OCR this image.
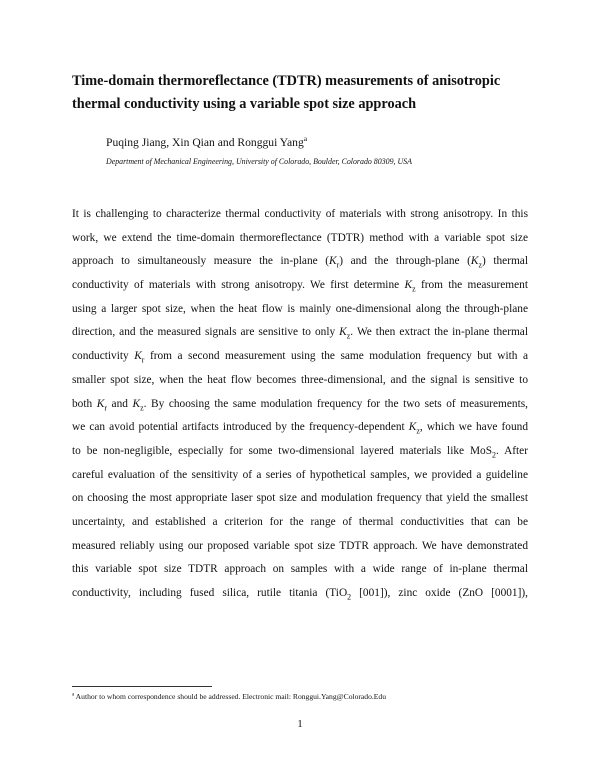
Time-domain thermoreflectance (TDTR) measurements of anisotropic
thermal conductivity using a variable spot size approach
Puqing Jiang, Xin Qian and Ronggui Yang$^a$
Department of Mechanical Engineering, University of Colorado, Boulder, Colorado 80309, USA
It is challenging to characterize thermal conductivity of materials with strong anisotropy. In this
work, we extend the time-domain thermoreflectance (TDTR) method with a variable spot size
approach to simultaneously measure the in-plane $(K_r)$ and the through-plane $(K_z)$ thermal
conductivity of materials with strong anisotropy. We first determine $K_z$ from the measurement
using a larger spot size, when the heat flow is mainly one-dimensional along the through-plane
direction, and the measured signals are sensitive to only $K_z$. We then extract the in-plane thermal
conductivity $K_r$ from a second measurement using the same modulation frequency but with a
smaller spot size, when the heat flow becomes three-dimensional, and the signal is sensitive to
both $K_r$ and $K_z$. By choosing the same modulation frequency for the two sets of measurements,
we can avoid potential artifacts introduced by the frequency-dependent $K_z$, which we have found
to be non-negligible, especially for some two-dimensional layered materials like MoS$_2$. After
careful evaluation of the sensitivity of a series of hypothetical samples, we provided a guideline
on choosing the most appropriate laser spot size and modulation frequency that yield the smallest
uncertainty, and established a criterion for the range of thermal conductivities that can be
measured reliably using our proposed variable spot size TDTR approach. We have demonstrated
this variable spot size TDTR approach on samples with a wide range of in-plane thermal
conductivity, including fused silica, rutile titania (TiO$_2$ [001]), zinc oxide (ZnO [0001]),
$^a$ Author to whom correspondence should be addressed. Electronic mail: Ronggui.Yang@Colorado.Edu
1
